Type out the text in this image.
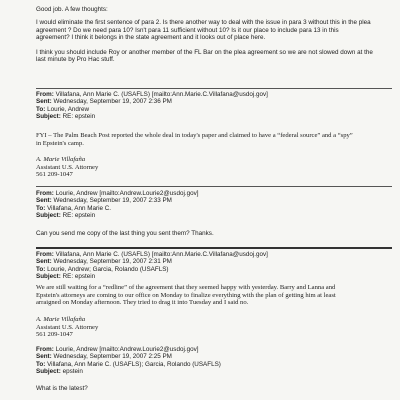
Good job. A few thoughts:
I would eliminate the first sentence of para 2. Is there another way to deal with the issue in para 3 without this in the plea
agreement ? Do we need para 10? Isn't para 11 sufficient without 10? Is it our place to include para 13 in this
agreement? I think it belongs in the state agreement and it looks out of place here.
I think you should include Roy or another member of the FL Bar on the plea agreement so we are not slowed down at the
last minute by Pro Hac stuff.
From: Villafana, Ann Marie C. (USAFLS) [mailto:Ann.Marie.C.Villafana@usdoj.gov]
Sent: Wednesday, September 19, 2007 2:36 PM
To: Lourie, Andrew
Subject: RE: epstein
FYI – The Palm Beach Post reported the whole deal in today's paper and claimed to have a “federal source” and a “spy”
in Epstein's camp.
A. Marie Villafaña
Assistant U.S. Attorney
561 209-1047
From: Lourie, Andrew [mailto:Andrew.Lourie2@usdoj.gov]
Sent: Wednesday, September 19, 2007 2:33 PM
To: Villafana, Ann Marie C.
Subject: RE: epstein
Can you send me copy of the last thing you sent them? Thanks.
From: Villafana, Ann Marie C. (USAFLS) [mailto:Ann.Marie.C.Villafana@usdoj.gov]
Sent: Wednesday, September 19, 2007 2:31 PM
To: Lourie, Andrew; Garcia, Rolando (USAFLS)
Subject: RE: epstein
We are still waiting for a “redline” of the agreement that they seemed happy with yesterday. Barry and Lanna and
Epstein's attorneys are coming to our office on Monday to finalize everything with the plan of getting him at least
arraigned on Monday afternoon. They tried to drag it into Tuesday and I said no.
A. Marie Villafaña
Assistant U.S. Attorney
561 209-1047
From: Lourie, Andrew [mailto:Andrew.Lourie2@usdoj.gov]
Sent: Wednesday, September 19, 2007 2:25 PM
To: Villafana, Ann Marie C. (USAFLS); Garcia, Rolando (USAFLS)
Subject: epstein
What is the latest?
